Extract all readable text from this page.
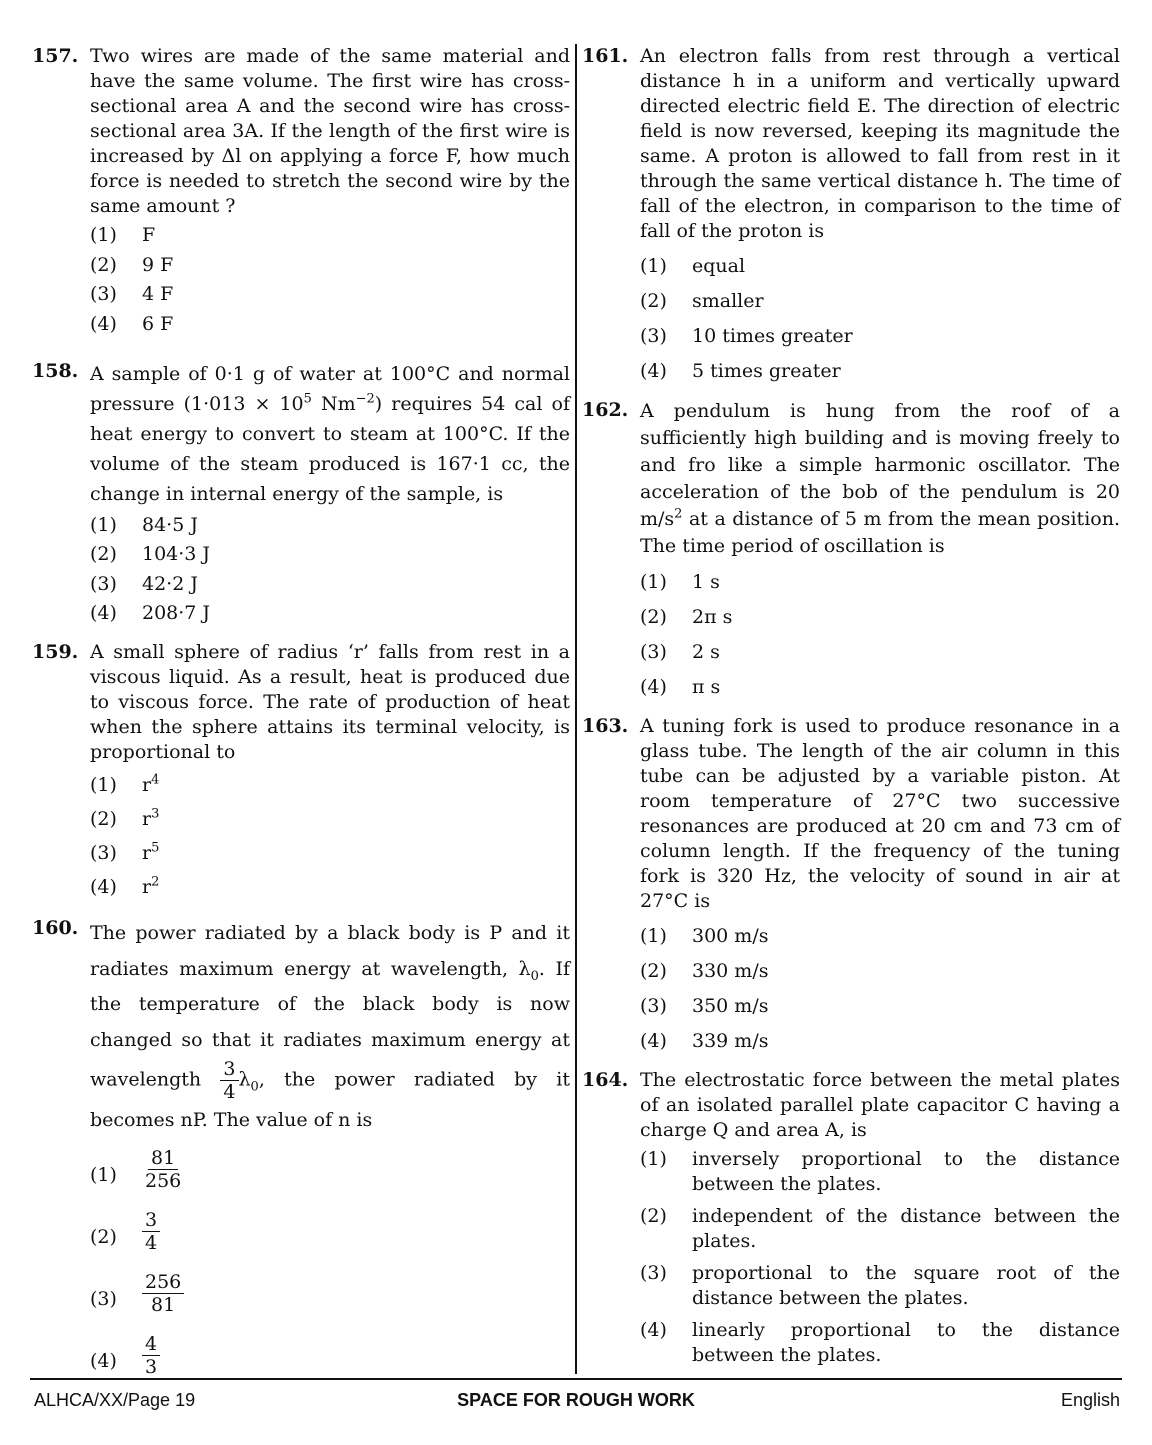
157. Two wires are made of the same material and have the same volume. The first wire has cross-sectional area A and the second wire has cross-sectional area 3A. If the length of the first wire is increased by Δl on applying a force F, how much force is needed to stretch the second wire by the same amount ?
(1) F
(2) 9 F
(3) 4 F
(4) 6 F
158. A sample of 0·1 g of water at 100°C and normal pressure ($1\cdot 013 \times 10^5$ $Nm^{-2}$) requires 54 cal of heat energy to convert to steam at 100°C. If the volume of the steam produced is 167·1 cc, the change in internal energy of the sample, is
(1) 84·5 J
(2) 104·3 J
(3) 42·2 J
(4) 208·7 J
159. A small sphere of radius ‘r’ falls from rest in a viscous liquid. As a result, heat is produced due to viscous force. The rate of production of heat when the sphere attains its terminal velocity, is proportional to
(1) $r^4$
(2) $r^3$
(3) $r^5$
(4) $r^2$
160. The power radiated by a black body is P and it radiates maximum energy at wavelength, $\lambda_0$. If the temperature of the black body is now changed so that it radiates maximum energy at wavelength $\frac{3}{4} \lambda_0$, the power radiated by it becomes nP. The value of n is
$(1) \frac{81}{256}$
$(2) \frac{3}{4}$
$(3) \frac{256}{81}$
$(4) \frac{4}{3}$
161. An electron falls from rest through a vertical distance h in a uniform and vertically upward directed electric field E. The direction of electric field is now reversed, keeping its magnitude the same. A proton is allowed to fall from rest in it through the same vertical distance h. The time of fall of the electron, in comparison to the time of fall of the proton is
(1) equal
(2) smaller
(3) 10 times greater
(4) 5 times greater
162. A pendulum is hung from the roof of a sufficiently high building and is moving freely to and fro like a simple harmonic oscillator. The acceleration of the bob of the pendulum is 20 $m/s^2$ at a distance of 5 m from the mean position. The time period of oscillation is
(1) 1 s
(2) 2π s
(3) 2 s
(4) π s
163. A tuning fork is used to produce resonance in a glass tube. The length of the air column in this tube can be adjusted by a variable piston. At room temperature of 27°C two successive resonances are produced at 20 cm and 73 cm of column length. If the frequency of the tuning fork is 320 Hz, the velocity of sound in air at 27°C is
(1) 300 m/s
(2) 330 m/s
(3) 350 m/s
(4) 339 m/s
164. The electrostatic force between the metal plates of an isolated parallel plate capacitor C having a charge Q and area A, is
(1) inversely proportional to the distance between the plates.
(2) independent of the distance between the plates.
(3) proportional to the square root of the distance between the plates.
(4) linearly proportional to the distance between the plates.
ALHCA/XX/Page 19	SPACE FOR ROUGH WORK	English
